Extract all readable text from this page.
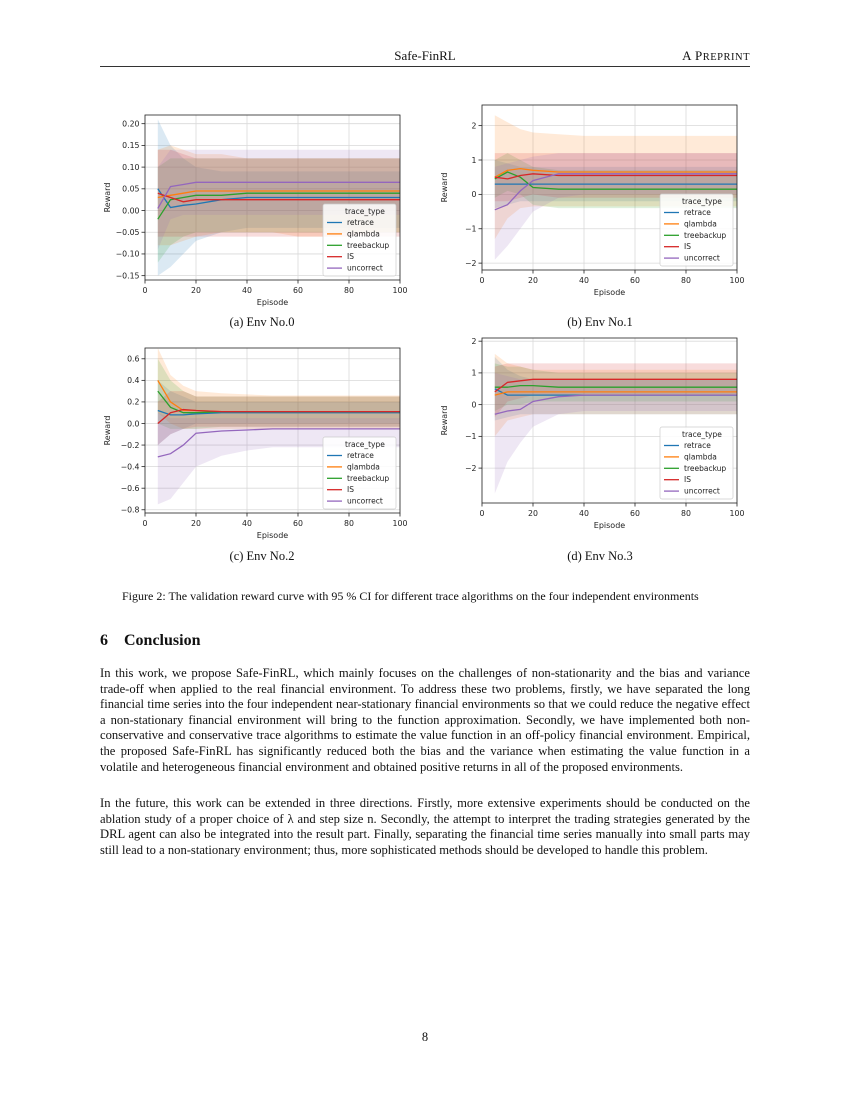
Safe-FinRL	A PREPRINT
0	20	40	60	80	100
−0.15
−0.10
−0.05
0.00
0.05
0.10
0.15
0.20
Episode
Reward	trace_type
retrace
qlambda
treebackup
IS
uncorrect
0	20	40	60	80	100
−2
−1
0
1
2
Episode
Reward	trace_type
retrace
qlambda
treebackup
IS
uncorrect
0	20	40	60	80	100
−0.8
−0.6
−0.4
−0.2
0.0
0.2
0.4
0.6
Episode
Reward	trace_type
retrace
qlambda
treebackup
IS
uncorrect
0	20	40	60	80	100
−2
−1
0
1
2
Episode
Reward	trace_type
retrace
qlambda
treebackup
IS
uncorrect
(a) Env No.0	(b) Env No.1
(c) Env No.2	(d) Env No.3
Figure 2: The validation reward curve with 95 % CI for different trace algorithms on the four independent environments
6 Conclusion
In this work, we propose Safe-FinRL, which mainly focuses on the challenges of non-stationarity and the bias and variance trade-off when applied to the real financial environment. To address these two problems, firstly, we have separated the long financial time series into the four independent near-stationary financial environments so that we could reduce the negative effect a non-stationary financial environment will bring to the function approximation. Secondly, we have implemented both non-conservative and conservative trace algorithms to estimate the value function in an off-policy financial environment. Empirical, the proposed Safe-FinRL has significantly reduced both the bias and the variance when estimating the value function in a volatile and heterogeneous financial environment and obtained positive returns in all of the proposed environments.
In the future, this work can be extended in three directions. Firstly, more extensive experiments should be conducted on the ablation study of a proper choice of λ and step size n. Secondly, the attempt to interpret the trading strategies generated by the DRL agent can also be integrated into the result part. Finally, separating the financial time series manually into small parts may still lead to a non-stationary environment; thus, more sophisticated methods should be developed to handle this problem.
8
